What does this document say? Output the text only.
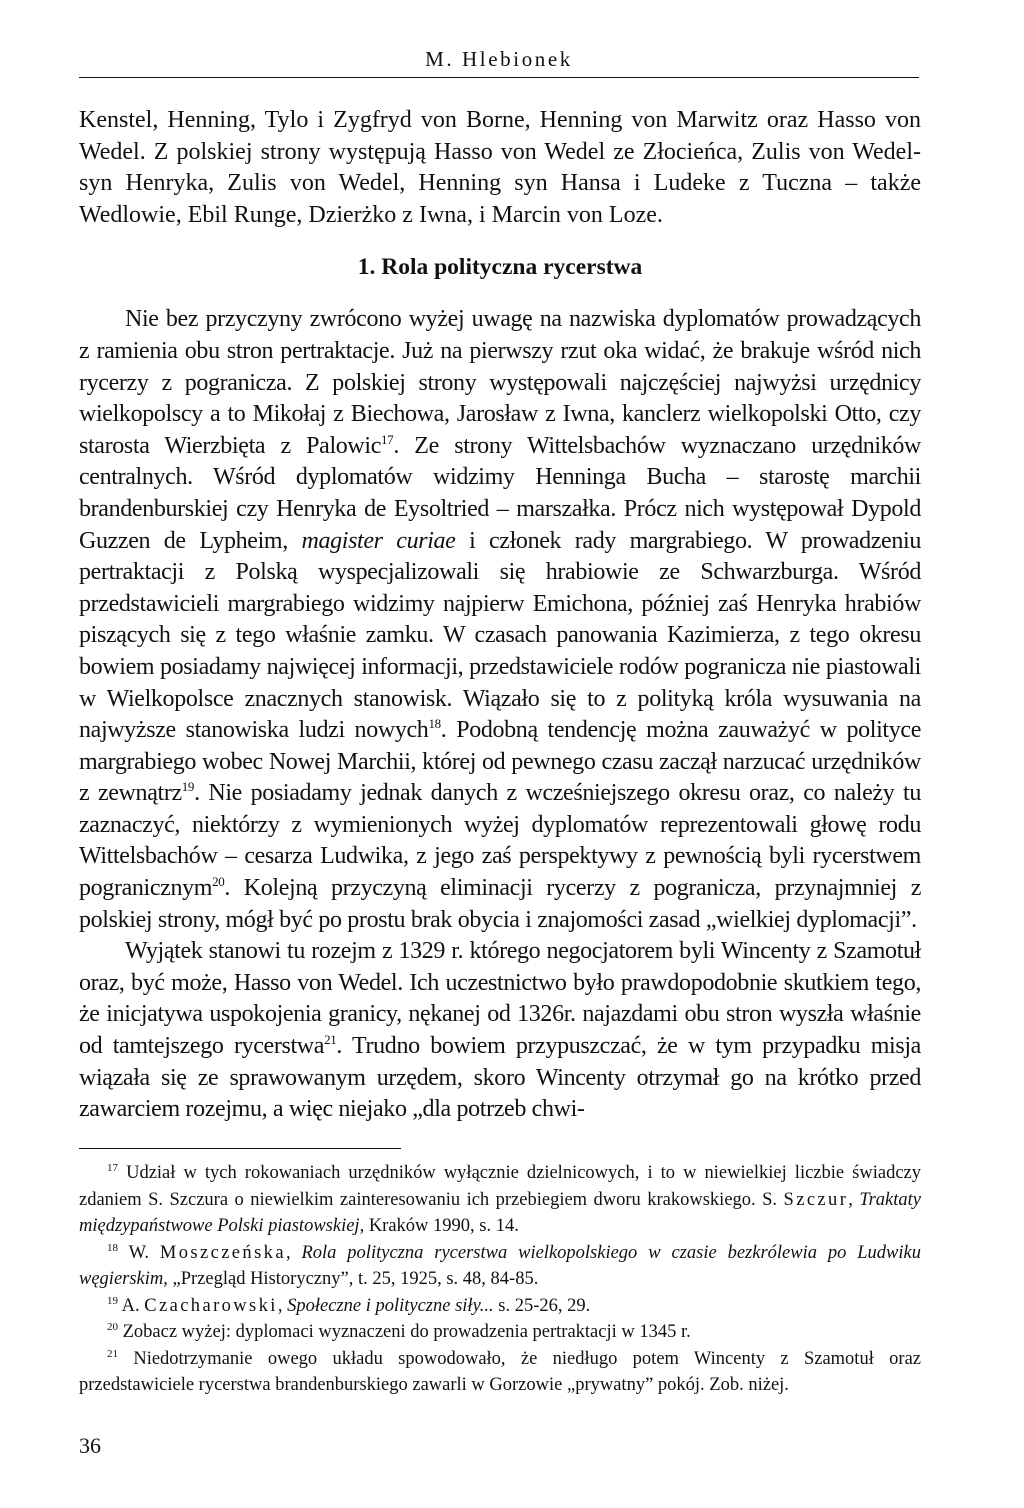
M. Hlebionek

Kenstel, Henning, Tylo i Zygfryd von Borne, Henning von Marwitz oraz Hasso von Wedel. Z polskiej strony występują Hasso von Wedel ze Złocieńca, Zulis von Wedel-syn Henryka, Zulis von Wedel, Henning syn Hansa i Ludeke z Tuczna – także Wedlowie, Ebil Runge, Dzierżko z Iwna, i Marcin von Loze.

1. Rola polityczna rycerstwa

Nie bez przyczyny zwrócono wyżej uwagę na nazwiska dyplomatów prowadzących z ramienia obu stron pertraktacje. Już na pierwszy rzut oka widać, że brakuje wśród nich rycerzy z pogranicza. Z polskiej strony występowali najczęściej najwyżsi urzędnicy wielkopolscy a to Mikołaj z Biechowa, Jarosław z Iwna, kanclerz wielkopolski Otto, czy starosta Wierzbięta z Palowic$^{17}$. Ze strony Wittelsbachów wyznaczano urzędników centralnych. Wśród dyplomatów widzimy Henninga Bucha – starostę marchii brandenburskiej czy Henryka de Eysoltried – marszałka. Prócz nich występował Dypold Guzzen de Lypheim, magister curiae i członek rady margrabiego. W prowadzeniu pertraktacji z Polską wyspecjalizowali się hrabiowie ze Schwarzburga. Wśród przedstawicieli margrabiego widzimy najpierw Emichona, później zaś Henryka hrabiów piszących się z tego właśnie zamku. W czasach panowania Kazimierza, z tego okresu bowiem posiadamy najwięcej informacji, przedstawiciele rodów pogranicza nie piastowali w Wielkopolsce znacznych stanowisk. Wiązało się to z polityką króla wysuwania na najwyższe stanowiska ludzi nowych$^{18}$. Podobną tendencję można zauważyć w polityce margrabiego wobec Nowej Marchii, której od pewnego czasu zaczął narzucać urzędników z zewnątrz$^{19}$. Nie posiadamy jednak danych z wcześniejszego okresu oraz, co należy tu zaznaczyć, niektórzy z wymienionych wyżej dyplomatów reprezentowali głowę rodu Wittelsbachów – cesarza Ludwika, z jego zaś perspektywy z pewnością byli rycerstwem pogranicznym$^{20}$. Kolejną przyczyną eliminacji rycerzy z pogranicza, przynajmniej z polskiej strony, mógł być po prostu brak obycia i znajomości zasad „wielkiej dyplomacji”.

Wyjątek stanowi tu rozejm z 1329 r. którego negocjatorem byli Wincenty z Szamotuł oraz, być może, Hasso von Wedel. Ich uczestnictwo było prawdopodobnie skutkiem tego, że inicjatywa uspokojenia granicy, nękanej od 1326r. najazdami obu stron wyszła właśnie od tamtejszego rycerstwa$^{21}$. Trudno bowiem przypuszczać, że w tym przypadku misja wiązała się ze sprawowanym urzędem, skoro Wincenty otrzymał go na krótko przed zawarciem rozejmu, a więc niejako „dla potrzeb chwi-

$^{17}$ Udział w tych rokowaniach urzędników wyłącznie dzielnicowych, i to w niewielkiej liczbie świadczy zdaniem S. Szczura o niewielkim zainteresowaniu ich przebiegiem dworu krakowskiego. S. Szczur, Traktaty międzypaństwowe Polski piastowskiej, Kraków 1990, s. 14.

$^{18}$ W. Moszczeńska, Rola polityczna rycerstwa wielkopolskiego w czasie bezkrólewia po Ludwiku węgierskim, „Przegląd Historyczny”, t. 25, 1925, s. 48, 84-85.

$^{19}$ A. Czacharowski, Społeczne i polityczne siły... s. 25-26, 29.

$^{20}$ Zobacz wyżej: dyplomaci wyznaczeni do prowadzenia pertraktacji w 1345 r.

$^{21}$ Niedotrzymanie owego układu spowodowało, że niedługo potem Wincenty z Szamotuł oraz przedstawiciele rycerstwa brandenburskiego zawarli w Gorzowie „prywatny” pokój. Zob. niżej.

36
